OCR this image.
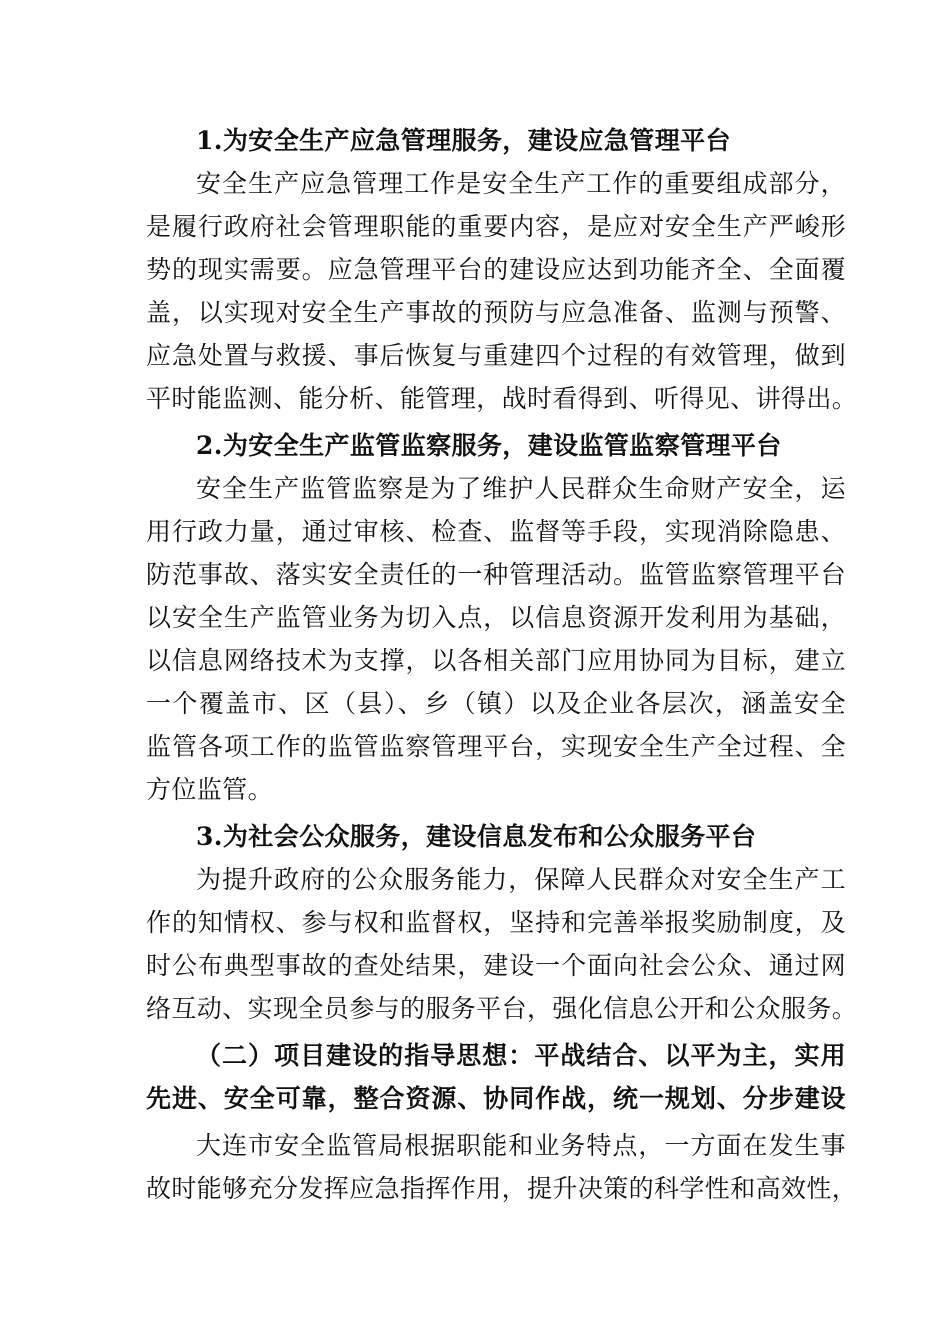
1.为安全生产应急管理服务，建设应急管理平台
安全生产应急管理工作是安全生产工作的重要组成部分，
是履行政府社会管理职能的重要内容，是应对安全生产严峻形
势的现实需要。应急管理平台的建设应达到功能齐全、全面覆
盖，以实现对安全生产事故的预防与应急准备、监测与预警、
应急处置与救援、事后恢复与重建四个过程的有效管理，做到
平时能监测、能分析、能管理，战时看得到、听得见、讲得出。
2.为安全生产监管监察服务，建设监管监察管理平台
安全生产监管监察是为了维护人民群众生命财产安全，运
用行政力量，通过审核、检查、监督等手段，实现消除隐患、
防范事故、落实安全责任的一种管理活动。监管监察管理平台
以安全生产监管业务为切入点，以信息资源开发利用为基础，
以信息网络技术为支撑，以各相关部门应用协同为目标，建立
一个覆盖市、区（县）、乡（镇）以及企业各层次，涵盖安全
监管各项工作的监管监察管理平台，实现安全生产全过程、全
方位监管。
3.为社会公众服务，建设信息发布和公众服务平台
为提升政府的公众服务能力，保障人民群众对安全生产工
作的知情权、参与权和监督权，坚持和完善举报奖励制度，及
时公布典型事故的查处结果，建设一个面向社会公众、通过网
络互动、实现全员参与的服务平台，强化信息公开和公众服务。
（二）项目建设的指导思想：平战结合、以平为主，实用
先进、安全可靠，整合资源、协同作战，统一规划、分步建设
大连市安全监管局根据职能和业务特点，一方面在发生事
故时能够充分发挥应急指挥作用，提升决策的科学性和高效性，
